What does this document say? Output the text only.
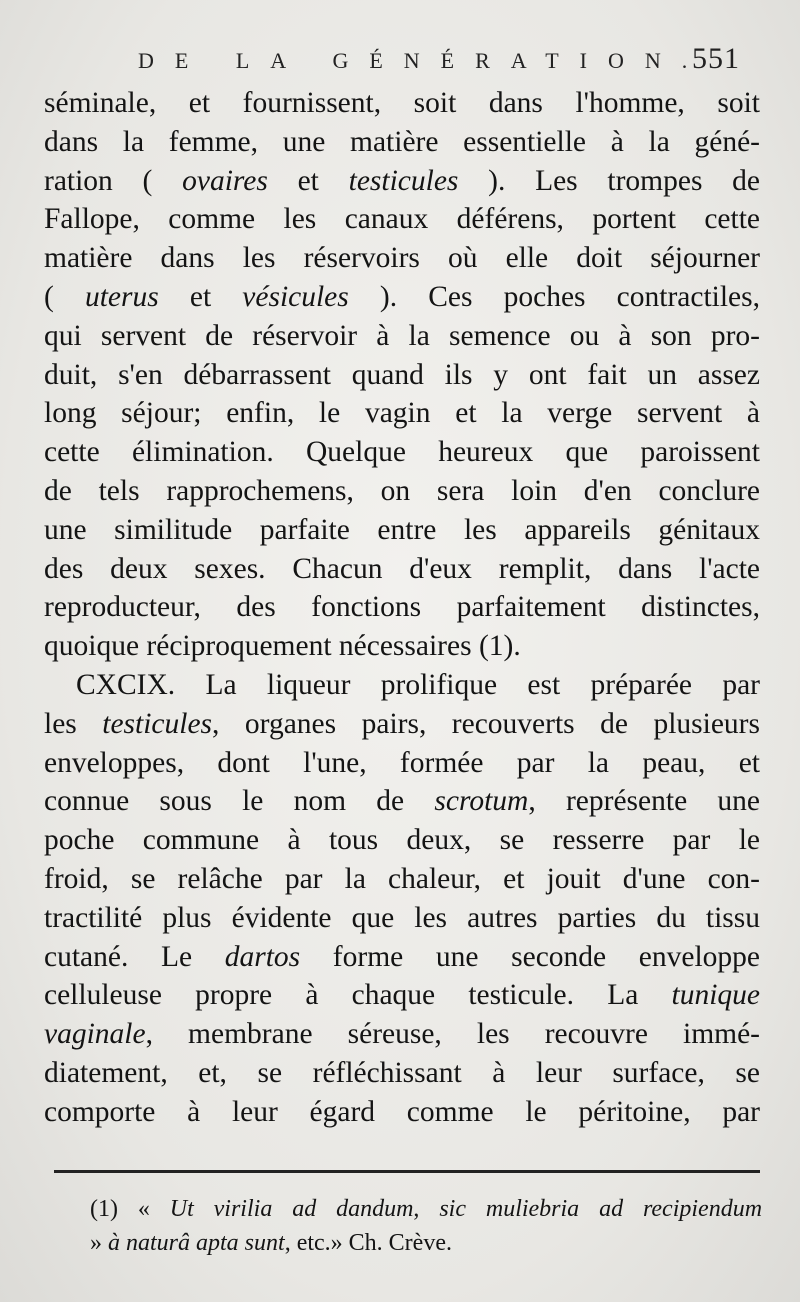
DE LA GÉNÉRATION.
551
séminale, et fournissent, soit dans l'homme, soit
dans la femme, une matière essentielle à la géné-
ration ( ovaires et testicules ). Les trompes de
Fallope, comme les canaux déférens, portent cette
matière dans les réservoirs où elle doit séjourner
( uterus et vésicules ). Ces poches contractiles,
qui servent de réservoir à la semence ou à son pro-
duit, s'en débarrassent quand ils y ont fait un assez
long séjour; enfin, le vagin et la verge servent à
cette élimination. Quelque heureux que paroissent
de tels rapprochemens, on sera loin d'en conclure
une similitude parfaite entre les appareils génitaux
des deux sexes. Chacun d'eux remplit, dans l'acte
reproducteur, des fonctions parfaitement distinctes,
quoique réciproquement nécessaires (1).
CXCIX. La liqueur prolifique est préparée par
les testicules, organes pairs, recouverts de plusieurs
enveloppes, dont l'une, formée par la peau, et
connue sous le nom de scrotum, représente une
poche commune à tous deux, se resserre par le
froid, se relâche par la chaleur, et jouit d'une con-
tractilité plus évidente que les autres parties du tissu
cutané. Le dartos forme une seconde enveloppe
celluleuse propre à chaque testicule. La tunique
vaginale, membrane séreuse, les recouvre immé-
diatement, et, se réfléchissant à leur surface, se
comporte à leur égard comme le péritoine, par
(1) « Ut virilia ad dandum, sic muliebria ad recipiendum
» à naturâ apta sunt, etc.» Ch. Crève.
